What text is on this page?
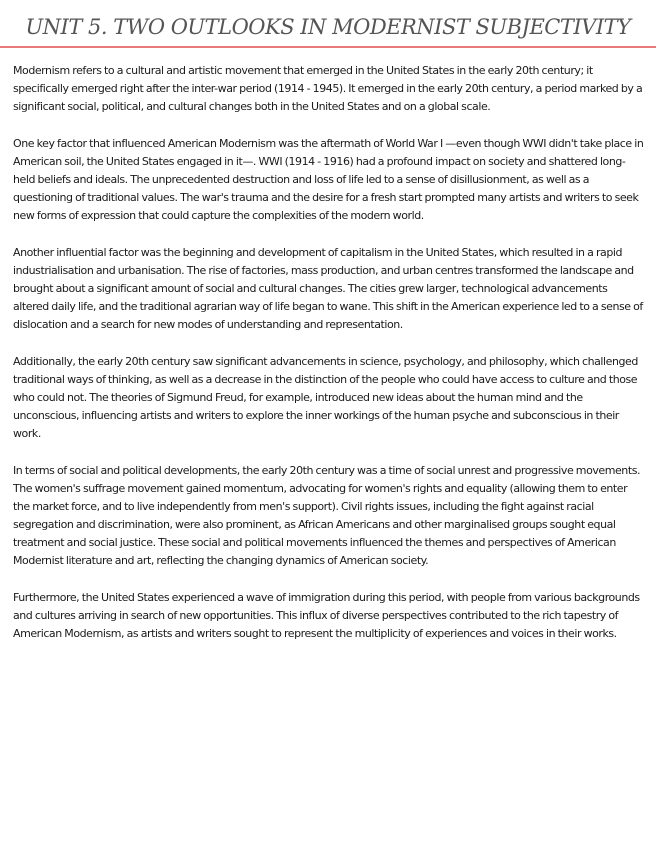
UNIT 5. TWO OUTLOOKS IN MODERNIST SUBJECTIVITY

Modernism refers to a cultural and artistic movement that emerged in the United States in the early 20th century; it specifically emerged right after the inter-war period (1914 - 1945). It emerged in the early 20th century, a period marked by a significant social, political, and cultural changes both in the United States and on a global scale.

One key factor that influenced American Modernism was the aftermath of World War I —even though WWI didn't take place in American soil, the United States engaged in it—. WWI (1914 - 1916) had a profound impact on society and shattered long-held beliefs and ideals. The unprecedented destruction and loss of life led to a sense of disillusionment, as well as a questioning of traditional values. The war's trauma and the desire for a fresh start prompted many artists and writers to seek new forms of expression that could capture the complexities of the modern world.

Another influential factor was the beginning and development of capitalism in the United States, which resulted in a rapid industrialisation and urbanisation. The rise of factories, mass production, and urban centres transformed the landscape and brought about a significant amount of social and cultural changes. The cities grew larger, technological advancements altered daily life, and the traditional agrarian way of life began to wane. This shift in the American experience led to a sense of dislocation and a search for new modes of understanding and representation.

Additionally, the early 20th century saw significant advancements in science, psychology, and philosophy, which challenged traditional ways of thinking, as well as a decrease in the distinction of the people who could have access to culture and those who could not. The theories of Sigmund Freud, for example, introduced new ideas about the human mind and the unconscious, influencing artists and writers to explore the inner workings of the human psyche and subconscious in their work.

In terms of social and political developments, the early 20th century was a time of social unrest and progressive movements. The women's suffrage movement gained momentum, advocating for women's rights and equality (allowing them to enter the market force, and to live independently from men's support). Civil rights issues, including the fight against racial segregation and discrimination, were also prominent, as African Americans and other marginalised groups sought equal treatment and social justice. These social and political movements influenced the themes and perspectives of American Modernist literature and art, reflecting the changing dynamics of American society.

Furthermore, the United States experienced a wave of immigration during this period, with people from various backgrounds and cultures arriving in search of new opportunities. This influx of diverse perspectives contributed to the rich tapestry of American Modernism, as artists and writers sought to represent the multiplicity of experiences and voices in their works.
